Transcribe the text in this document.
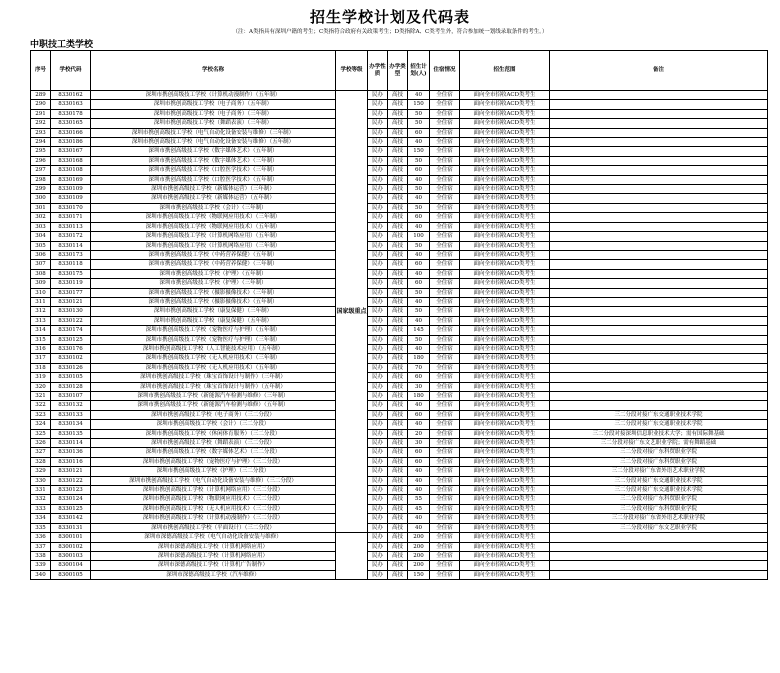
招生学校计划及代码表
（注：A类指具有深圳户籍的考生；C类指符合政府有关政策考生；D类指除A、C类考生外，符合参加统一划线录取条件的考生。）
中职技工类学校
序号	学校代码	学校名称	学校等级	办学性质	办学类型	招生计划(人)	住宿情况	招生范围	备注
289	8330162	深圳市携创高级技工学校（计算机动漫制作）（五年制）	国家级重点	民办	高技	40	全住宿	面向全市招收ACD类考生	
290	8330163	深圳市携创高级技工学校（电子商务）（五年制）		民办	高技	150	全住宿	面向全市招收ACD类考生	
291	8330178	深圳市携创高级技工学校（电子商务）（三年制）		民办	高技	50	全住宿	面向全市招收ACD类考生	
292	8330165	深圳市携创高级技工学校（舞蹈表演）（三年制）		民办	高技	50	全住宿	面向全市招收ACD类考生	
293	8330166	深圳市携创高级技工学校（电气自动化设备安装与维修）（三年制）		民办	高技	60	全住宿	面向全市招收ACD类考生	
294	8330186	深圳市携创高级技工学校（电气自动化设备安装与维修）（五年制）		民办	高技	40	全住宿	面向全市招收ACD类考生	
295	8330167	深圳市携创高级技工学校（数字媒体艺术）（五年制）		民办	高技	150	全住宿	面向全市招收ACD类考生	
296	8330168	深圳市携创高级技工学校（数字媒体艺术）（三年制）		民办	高技	50	全住宿	面向全市招收ACD类考生	
297	8330108	深圳市携创高级技工学校（口腔医学技术）（三年制）		民办	高技	60	全住宿	面向全市招收ACD类考生	
298	8330169	深圳市携创高级技工学校（口腔医学技术）（五年制）		民办	高技	40	全住宿	面向全市招收ACD类考生	
299	8330109	深圳市携创高级技工学校（新媒体运营）（三年制）		民办	高技	50	全住宿	面向全市招收ACD类考生	
300	8330109	深圳市携创高级技工学校（新媒体运营）（五年制）		民办	高技	40	全住宿	面向全市招收ACD类考生	
301	8330170	深圳市携创高级技工学校（会计）（三年制）		民办	高技	50	全住宿	面向全市招收ACD类考生	
302	8330171	深圳市携创高级技工学校（物联网应用技术）（三年制）		民办	高技	60	全住宿	面向全市招收ACD类考生	
303	8330113	深圳市携创高级技工学校（物联网应用技术）（五年制）		民办	高技	40	全住宿	面向全市招收ACD类考生	
304	8330172	深圳市携创高级技工学校（计算机网络应用）（五年制）		民办	高技	100	全住宿	面向全市招收ACD类考生	
305	8330114	深圳市携创高级技工学校（计算机网络应用）（三年制）		民办	高技	50	全住宿	面向全市招收ACD类考生	
306	8330173	深圳市携创高级技工学校（中药营养保健）（五年制）		民办	高技	40	全住宿	面向全市招收ACD类考生	
307	8330118	深圳市携创高级技工学校（中药营养保健）（三年制）		民办	高技	60	全住宿	面向全市招收ACD类考生	
308	8330175	深圳市携创高级技工学校（护理）（五年制）		民办	高技	40	全住宿	面向全市招收ACD类考生	
309	8330119	深圳市携创高级技工学校（护理）（三年制）		民办	高技	60	全住宿	面向全市招收ACD类考生	
310	8330177	深圳市携创高级技工学校（摄影摄像技术）（三年制）		民办	高技	50	全住宿	面向全市招收ACD类考生	
311	8330121	深圳市携创高级技工学校（摄影摄像技术）（五年制）		民办	高技	40	全住宿	面向全市招收ACD类考生	
312	8330130	深圳市携创高级技工学校（康复保健）（三年制）		民办	高技	50	全住宿	面向全市招收ACD类考生	
313	8330122	深圳市携创高级技工学校（康复保健）（五年制）		民办	高技	40	全住宿	面向全市招收ACD类考生	
314	8330174	深圳市携创高级技工学校（宠物医疗与护理）（五年制）		民办	高技	145	全住宿	面向全市招收ACD类考生	
315	8330125	深圳市携创高级技工学校（宠物医疗与护理）（三年制）		民办	高技	50	全住宿	面向全市招收ACD类考生	
316	8330176	深圳市携创高级技工学校（人工智能技术应用）（五年制）		民办	高技	40	全住宿	面向全市招收ACD类考生	
317	8330102	深圳市携创高级技工学校（无人机应用技术）（三年制）		民办	高技	180	全住宿	面向全市招收ACD类考生	
318	8330126	深圳市携创高级技工学校（无人机应用技术）（五年制）		民办	高技	70	全住宿	面向全市招收ACD类考生	
319	8330105	深圳市携创高级技工学校（珠宝首饰设计与制作）（三年制）		民办	高技	60	全住宿	面向全市招收ACD类考生	
320	8330128	深圳市携创高级技工学校（珠宝首饰设计与制作）（五年制）		民办	高技	30	全住宿	面向全市招收ACD类考生	
321	8330107	深圳市携创高级技工学校（新能源汽车检测与维修）（三年制）		民办	高技	180	全住宿	面向全市招收ACD类考生	
322	8330132	深圳市携创高级技工学校（新能源汽车检测与维修）（五年制）		民办	高技	40	全住宿	面向全市招收ACD类考生	
323	8330133	深圳市携创高级技工学校（电子商务）（三二分段）		民办	高技	60	全住宿	面向全市招收ACD类考生	三二分段对接广东交通职业技术学院
324	8330134	深圳市携创高级技工学校（会计）（三二分段）		民办	高技	40	全住宿	面向全市招收ACD类考生	三二分段对接广东交通职业技术学院
325	8330135	深圳市携创高级技工学校（休闲体育服务）（三二分段）		民办	高技	20	全住宿	面向全市招收ACD类考生	三二分段对接深圳信息职业技术大学；需有国际舞基础
326	8330114	深圳市携创高级技工学校（舞蹈表演）（三二分段）		民办	高技	30	全住宿	面向全市招收ACD类考生	三二分段对接广东文艺职业学院；需有舞蹈基础
327	8330136	深圳市携创高级技工学校（数字媒体艺术）（三二分段）		民办	高技	60	全住宿	面向全市招收ACD类考生	三二分段对接广东科贸职业学院
328	8330116	深圳市携创高级技工学校（宠物医疗与护理）（三二分段）		民办	高技	60	全住宿	面向全市招收ACD类考生	三二分段对接广东科贸职业学院
329	8330121	深圳市携创高级技工学校（护理）（三二分段）		民办	高技	40	全住宿	面向全市招收ACD类考生	三二分段对接广东省外语艺术职业学院
330	8330122	深圳市携创高级技工学校（电气自动化设备安装与维修）（三二分段）		民办	高技	40	全住宿	面向全市招收ACD类考生	三二分段对接广东交通职业技术学院
331	8330123	深圳市携创高级技工学校（计算机网络应用）（三二分段）		民办	高技	40	全住宿	面向全市招收ACD类考生	三二分段对接广东交通职业技术学院
332	8330124	深圳市携创高级技工学校（物联网应用技术）（三二分段）		民办	高技	55	全住宿	面向全市招收ACD类考生	三二分段对接广东科贸职业学院
333	8330125	深圳市携创高级技工学校（无人机应用技术）（三二分段）		民办	高技	45	全住宿	面向全市招收ACD类考生	三二分段对接广东科贸职业学院
334	8330142	深圳市携创高级技工学校（计算机动漫制作）（三二分段）		民办	高技	40	全住宿	面向全市招收ACD类考生	三二分段对接广东省外语艺术职业学院
335	8330131	深圳市携创高级技工学校（平面设计）（三二分段）		民办	高技	40	全住宿	面向全市招收ACD类考生	三二分段对接广东文艺职业学院
336	8300101	深圳市深德高级技工学校（电气自动化设备安装与维修）		民办	高技	200	全住宿	面向全市招收ACD类考生	
337	8300102	深圳市深德高级技工学校（计算机网络应用）		民办	高技	200	全住宿	面向全市招收ACD类考生	
338	8300103	深圳市深德高级技工学校（计算机网络应用）		民办	高技	200	全住宿	面向全市招收ACD类考生	
339	8300104	深圳市深德高级技工学校（计算机广告制作）		民办	高技	200	全住宿	面向全市招收ACD类考生	
340	8300105	深圳市深德高级技工学校（汽车维修）		民办	高技	150	全住宿	面向全市招收ACD类考生	
